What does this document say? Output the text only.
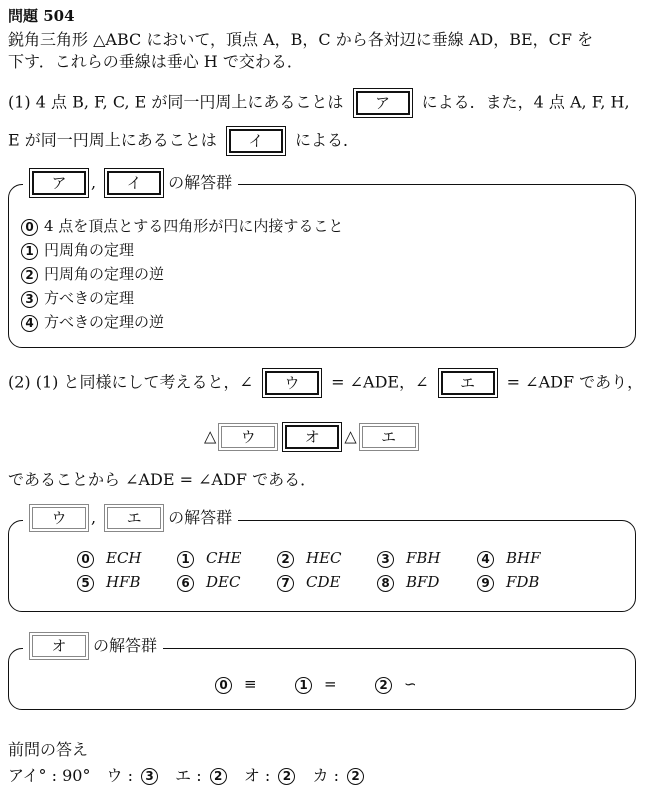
問題 504
鋭角三角形 △ABC において，頂点 A，B，C から各対辺に垂線 AD，BE，CF を
下す．これらの垂線は垂心 H で交わる．
(1) 4 点 B, F, C, E が同一円周上にあることは	ア	による．また，4 点 A, F, H,
E が同一円周上にあることは	イ	による．
ア	,	イ	の解答群
0 4 点を頂点とする四角形が円に内接すること
1 円周角の定理
2 円周角の定理の逆
3 方べきの定理
4 方べきの定理の逆
(2) (1) と同様にして考えると，∠	ウ	= ∠ADE，∠	エ	= ∠ADF であり，
△	ウ	オ	△	エ
であることから ∠ADE = ∠ADF である．
ウ	,	エ	の解答群
0 ECH	1 CHE	2 HEC	3 FBH	4 BHF
5 HFB	6 DEC	7 CDE	8 BFD	9 FDB
オ	の解答群
0 ≡	1 =	2 ∽
前問の答え
アイ° : 90°　ウ : 3 エ : 2 オ : 2 カ : 2
